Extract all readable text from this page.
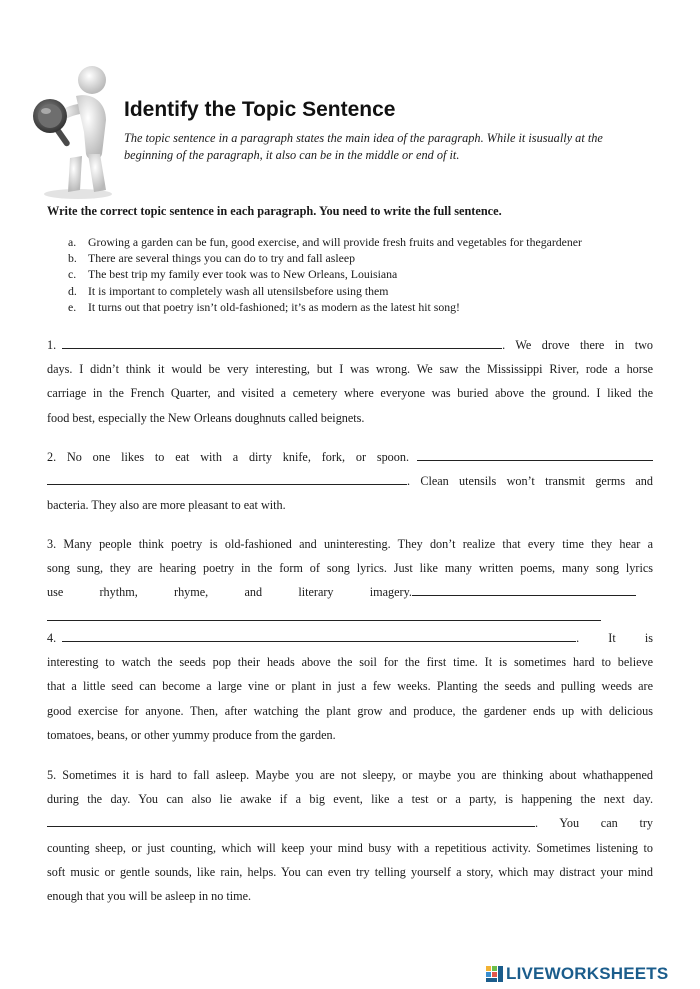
Identify the Topic Sentence

The topic sentence in a paragraph states the main idea of the paragraph. While it isusually at the beginning of the paragraph, it also can be in the middle or end of it.

Write the correct topic sentence in each paragraph. You need to write the full sentence.

a.	Growing a garden can be fun, good exercise, and will provide fresh fruits and vegetables for thegardener
b. There are several things you can do to try and fall asleep
c.	The best trip my family ever took was to New Orleans, Louisiana
d. It is important to completely wash all utensilsbefore using them
e.	It turns out that poetry isn’t old-fashioned; it’s as modern as the latest hit song!
1.	. We drove there in two
days. I didn’t think it would be very interesting, but I was wrong. We saw the Mississippi River, rode a horse
carriage in the French Quarter, and visited a cemetery where everyone was buried above the ground. I liked the
food best, especially the New Orleans doughnuts called beignets.
2. No one likes to eat with a dirty knife, fork, or spoon.
. Clean utensils won’t transmit germs and
bacteria. They also are more pleasant to eat with.
3. Many people think poetry is old-fashioned and uninteresting. They don’t realize that every time they hear a
song sung, they are hearing poetry in the form of song lyrics. Just like many written poems, many song lyrics
use	rhythm,	rhyme,	and	literary	imagery.
4.	. It is
interesting to watch the seeds pop their heads above the soil for the first time. It is sometimes hard to believe
that a little seed can become a large vine or plant in just a few weeks. Planting the seeds and pulling weeds are
good exercise for anyone. Then, after watching the plant grow and produce, the gardener ends up with delicious
tomatoes, beans, or other yummy produce from the garden.
5. Sometimes it is hard to fall asleep. Maybe you are not sleepy, or maybe you are thinking about whathappened
during the day. You can also lie awake if a big event, like a test or a party, is happening the next day.
. You can try
counting sheep, or just counting, which will keep your mind busy with a repetitious activity. Sometimes listening to
soft music or gentle sounds, like rain, helps. You can even try telling yourself a story, which may distract your mind
enough that you will be asleep in no time.
LIVEWORKSHEETS
